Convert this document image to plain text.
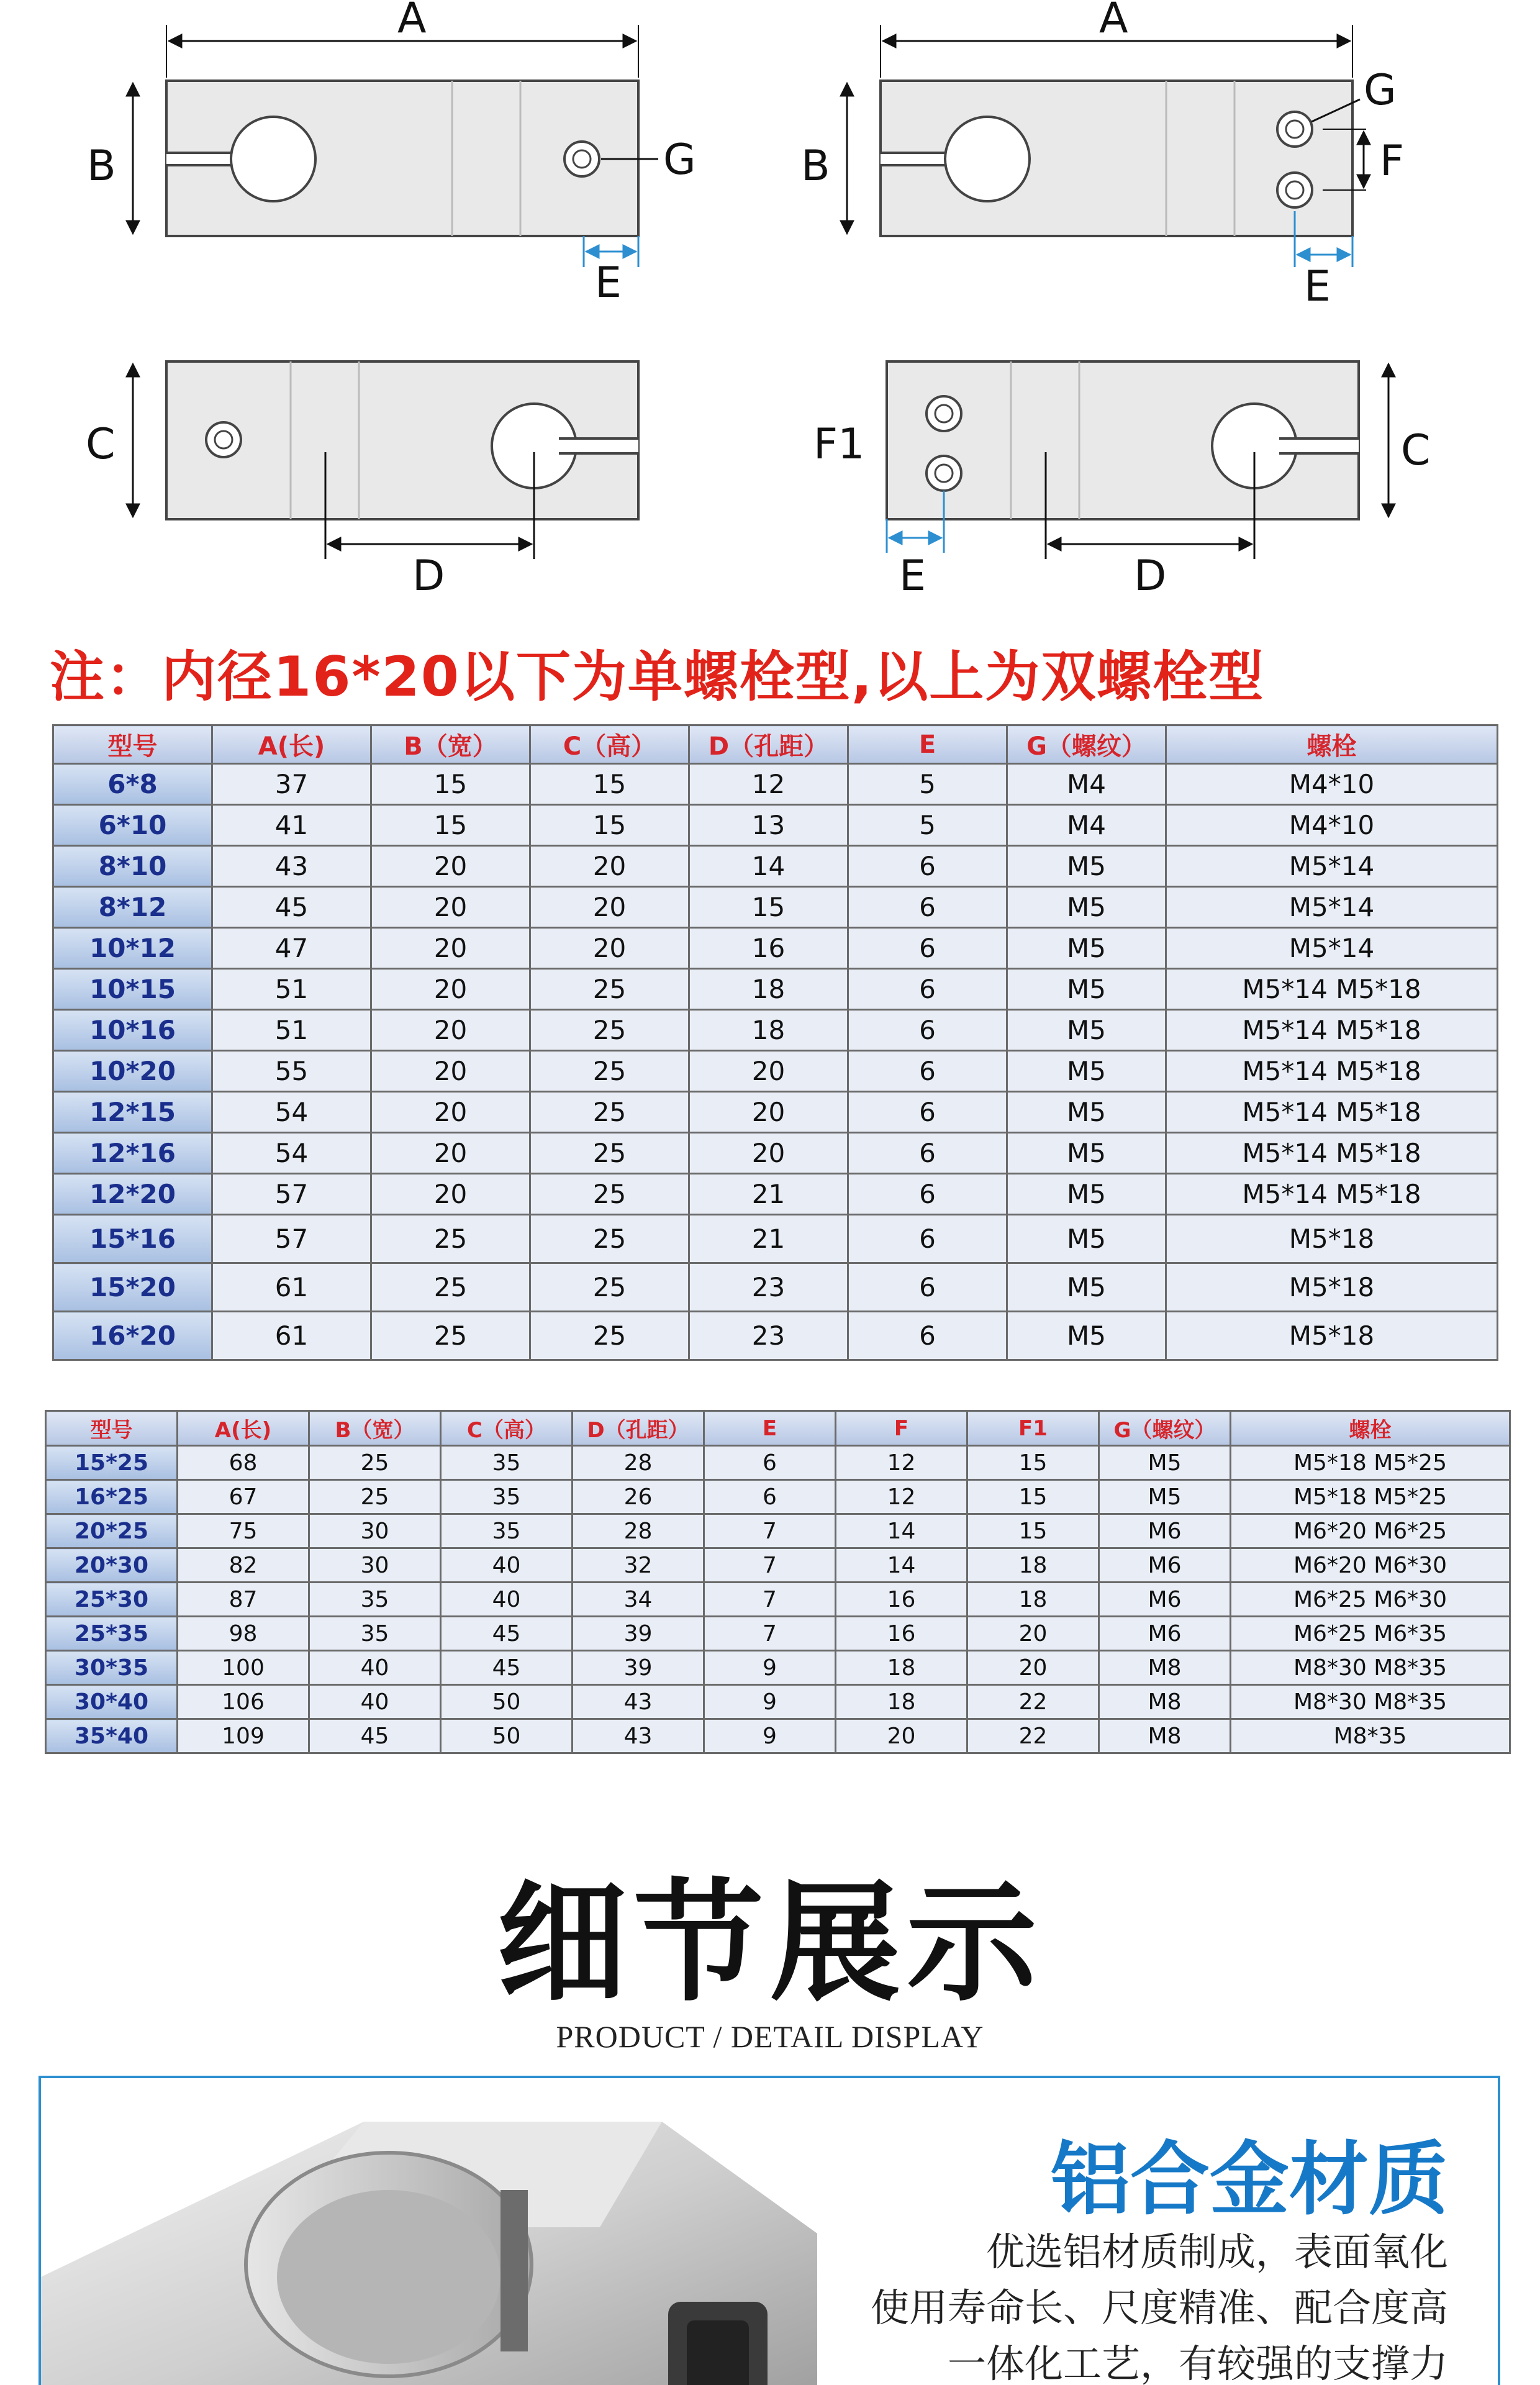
A
B	G
E
A
B
G
F
E
C
D
C
F1
E	D
注：内径16*20以下为单螺栓型,以上为双螺栓型
型号	A(长)	B（宽）	C（高）	D（孔距）	E	G（螺纹）	螺栓
6*8	37	15	15	12	5	M4	M4*10
6*10	41	15	15	13	5	M4	M4*10
8*10	43	20	20	14	6	M5	M5*14
8*12	45	20	20	15	6	M5	M5*14
10*12	47	20	20	16	6	M5	M5*14
10*15	51	20	25	18	6	M5	M5*14 M5*18
10*16	51	20	25	18	6	M5	M5*14 M5*18
10*20	55	20	25	20	6	M5	M5*14 M5*18
12*15	54	20	25	20	6	M5	M5*14 M5*18
12*16	54	20	25	20	6	M5	M5*14 M5*18
12*20	57	20	25	21	6	M5	M5*14 M5*18
15*16	57	25	25	21	6	M5	M5*18
15*20	61	25	25	23	6	M5	M5*18
16*20	61	25	25	23	6	M5	M5*18
型号	A(长)	B（宽）	C（高）	D（孔距）	E	F	F1	G（螺纹）	螺栓
15*25	68	25	35	28	6	12	15	M5	M5*18 M5*25
16*25	67	25	35	26	6	12	15	M5	M5*18 M5*25
20*25	75	30	35	28	7	14	15	M6	M6*20 M6*25
20*30	82	30	40	32	7	14	18	M6	M6*20 M6*30
25*30	87	35	40	34	7	16	18	M6	M6*25 M6*30
25*35	98	35	45	39	7	16	20	M6	M6*25 M6*35
30*35	100	40	45	39	9	18	20	M8	M8*30 M8*35
30*40	106	40	50	43	9	18	22	M8	M8*30 M8*35
35*40	109	45	50	43	9	20	22	M8	M8*35
细节展示
PRODUCT / DETAIL DISPLAY
铝合金材质
优选铝材质制成，表面氧化
使用寿命长、尺度精准、配合度高
一体化工艺，有较强的支撑力
